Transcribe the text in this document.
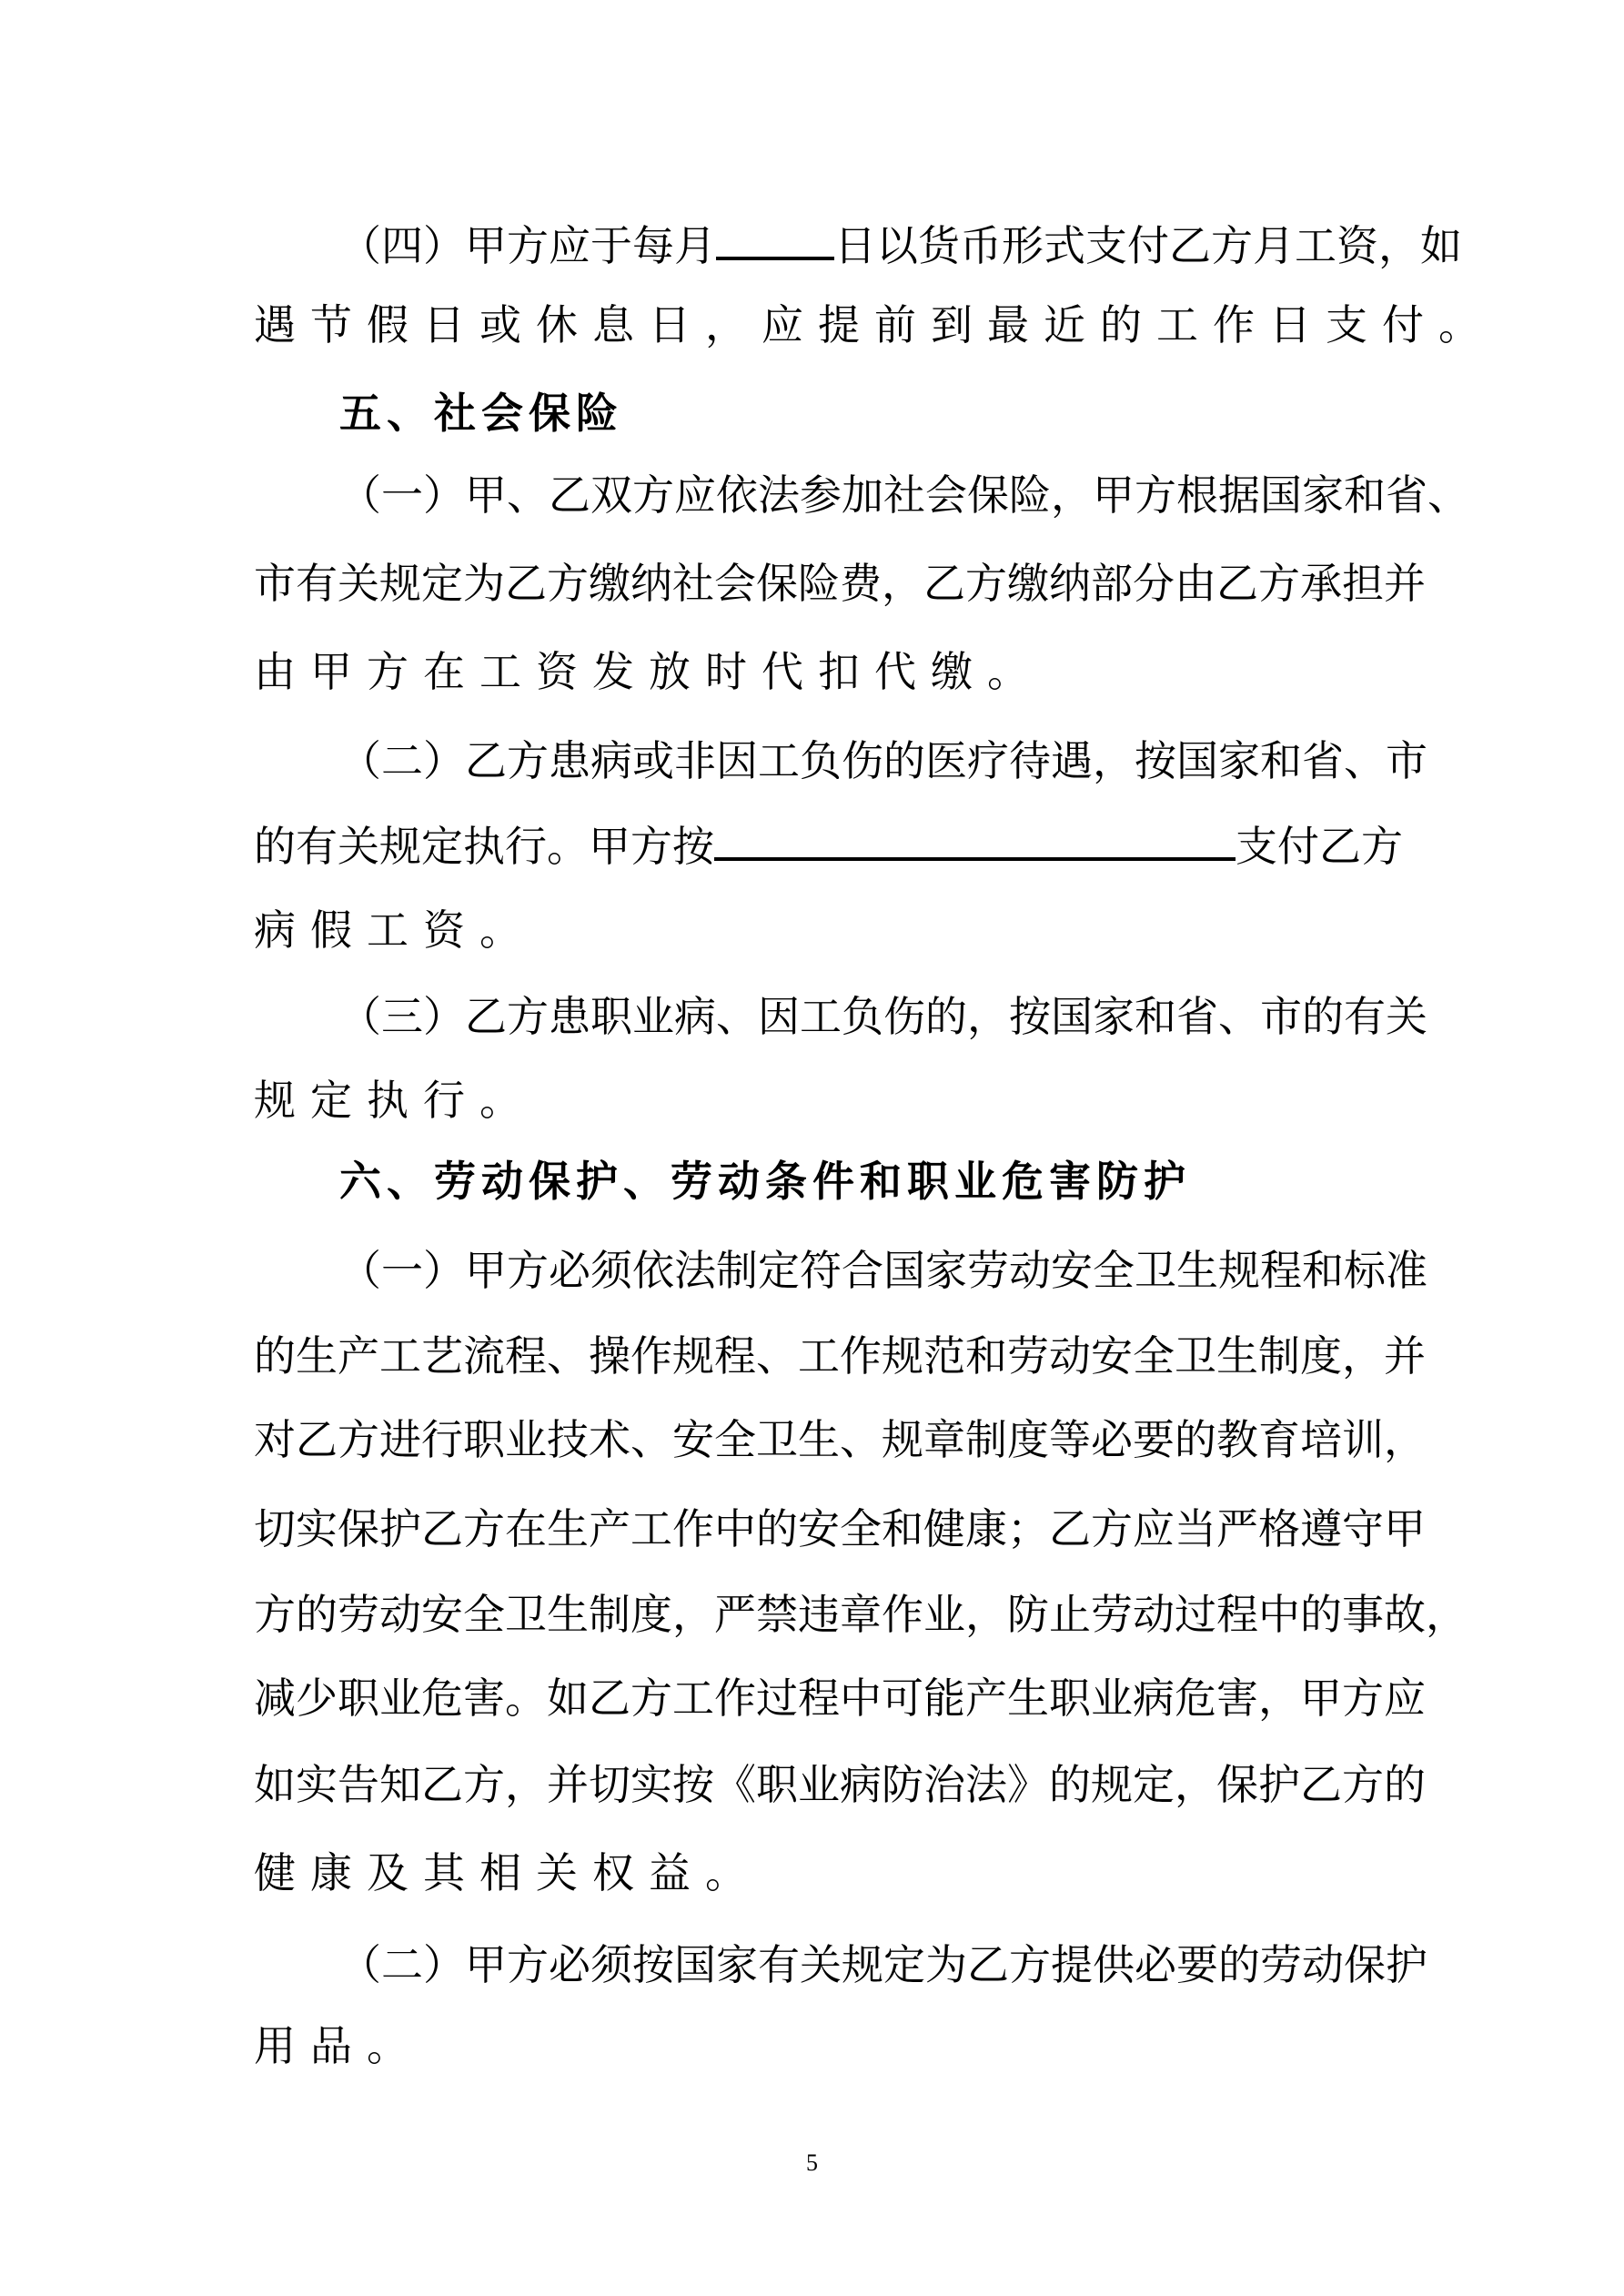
（四）甲方应于每月	日以货币形式支付乙方月工资，如
遇节假日或休息日，应提前到最近的工作日支付。
五、社会保险
（一）甲、乙双方应依法参加社会保险，甲方根据国家和省、
市有关规定为乙方缴纳社会保险费，乙方缴纳部分由乙方承担并
由甲方在工资发放时代扣代缴。
（二）乙方患病或非因工负伤的医疗待遇，按国家和省、市
的有关规定执行。甲方按	支付乙方
病假工资。
（三）乙方患职业病、因工负伤的，按国家和省、市的有关
规定执行。
六、劳动保护、劳动条件和职业危害防护
（一）甲方必须依法制定符合国家劳动安全卫生规程和标准
的生产工艺流程、操作规程、工作规范和劳动安全卫生制度，并
对乙方进行职业技术、安全卫生、规章制度等必要的教育培训，
切实保护乙方在生产工作中的安全和健康；乙方应当严格遵守甲
方的劳动安全卫生制度，严禁违章作业，防止劳动过程中的事故，
减少职业危害。如乙方工作过程中可能产生职业病危害，甲方应
如实告知乙方，并切实按《职业病防治法》的规定，保护乙方的
健康及其相关权益。
（二）甲方必须按国家有关规定为乙方提供必要的劳动保护
用品。
5
